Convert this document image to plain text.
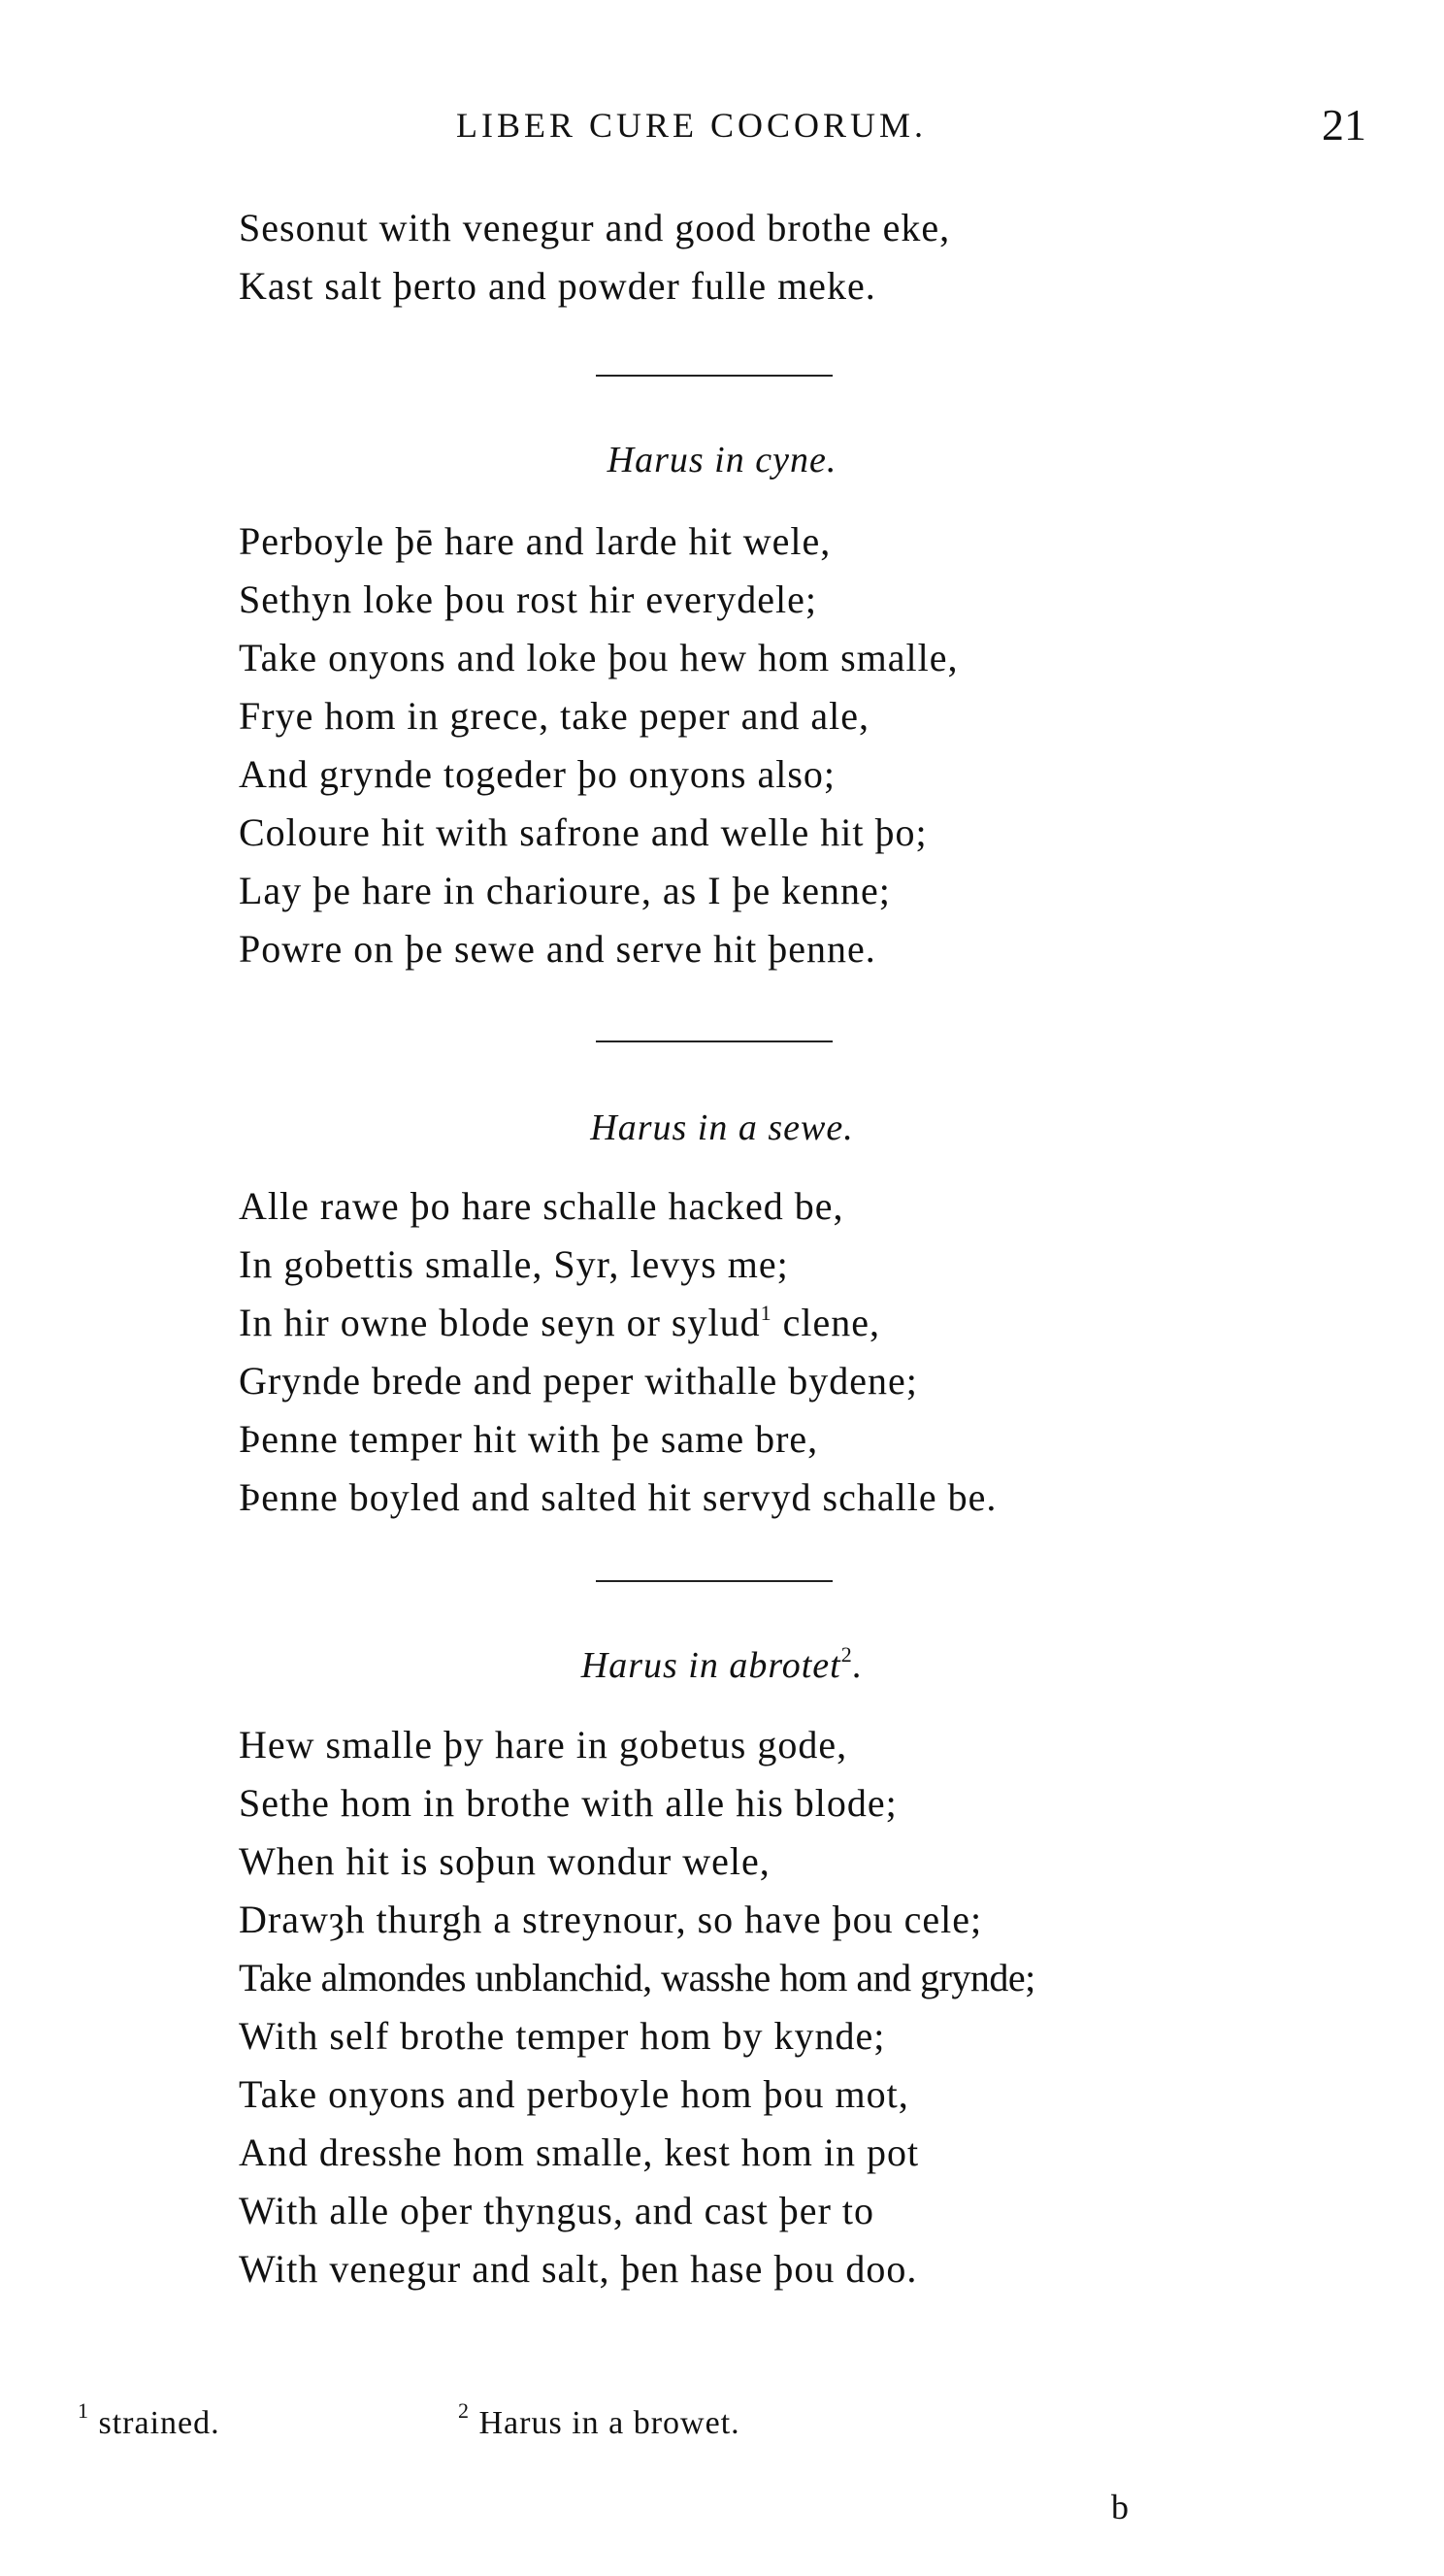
LIBER CURE COCORUM.	21
Sesonut with venegur and good brothe eke,
Kast salt þerto and powder fulle meke.
Harus in cyne.
Perboyle þē hare and larde hit wele,
Sethyn loke þou rost hir everydele;
Take onyons and loke þou hew hom smalle,
Frye hom in grece, take peper and ale,
And grynde togeder þo onyons also;
Coloure hit with safrone and welle hit þo;
Lay þe hare in charioure, as I þe kenne;
Powre on þe sewe and serve hit þenne.
Harus in a sewe.
Alle rawe þo hare schalle hacked be,
In gobettis smalle, Syr, levys me;
In hir owne blode seyn or sylud$^1$ clene,
Grynde brede and peper withalle bydene;
Þenne temper hit with þe same bre,
Þenne boyled and salted hit servyd schalle be.
Harus in abrotet$^2$.
Hew smalle þy hare in gobetus gode,
Sethe hom in brothe with alle his blode;
When hit is soþun wondur wele,
Drawȝh thurgh a streynour, so have þou cele;
Take almondes unblanchid, wasshe hom and grynde;
With self brothe temper hom by kynde;
Take onyons and perboyle hom þou mot,
And dresshe hom smalle, kest hom in pot
With alle oþer thyngus, and cast þer to
With venegur and salt, þen hase þou doo.
$^1$ strained.	$^2$ Harus in a browet.
b
